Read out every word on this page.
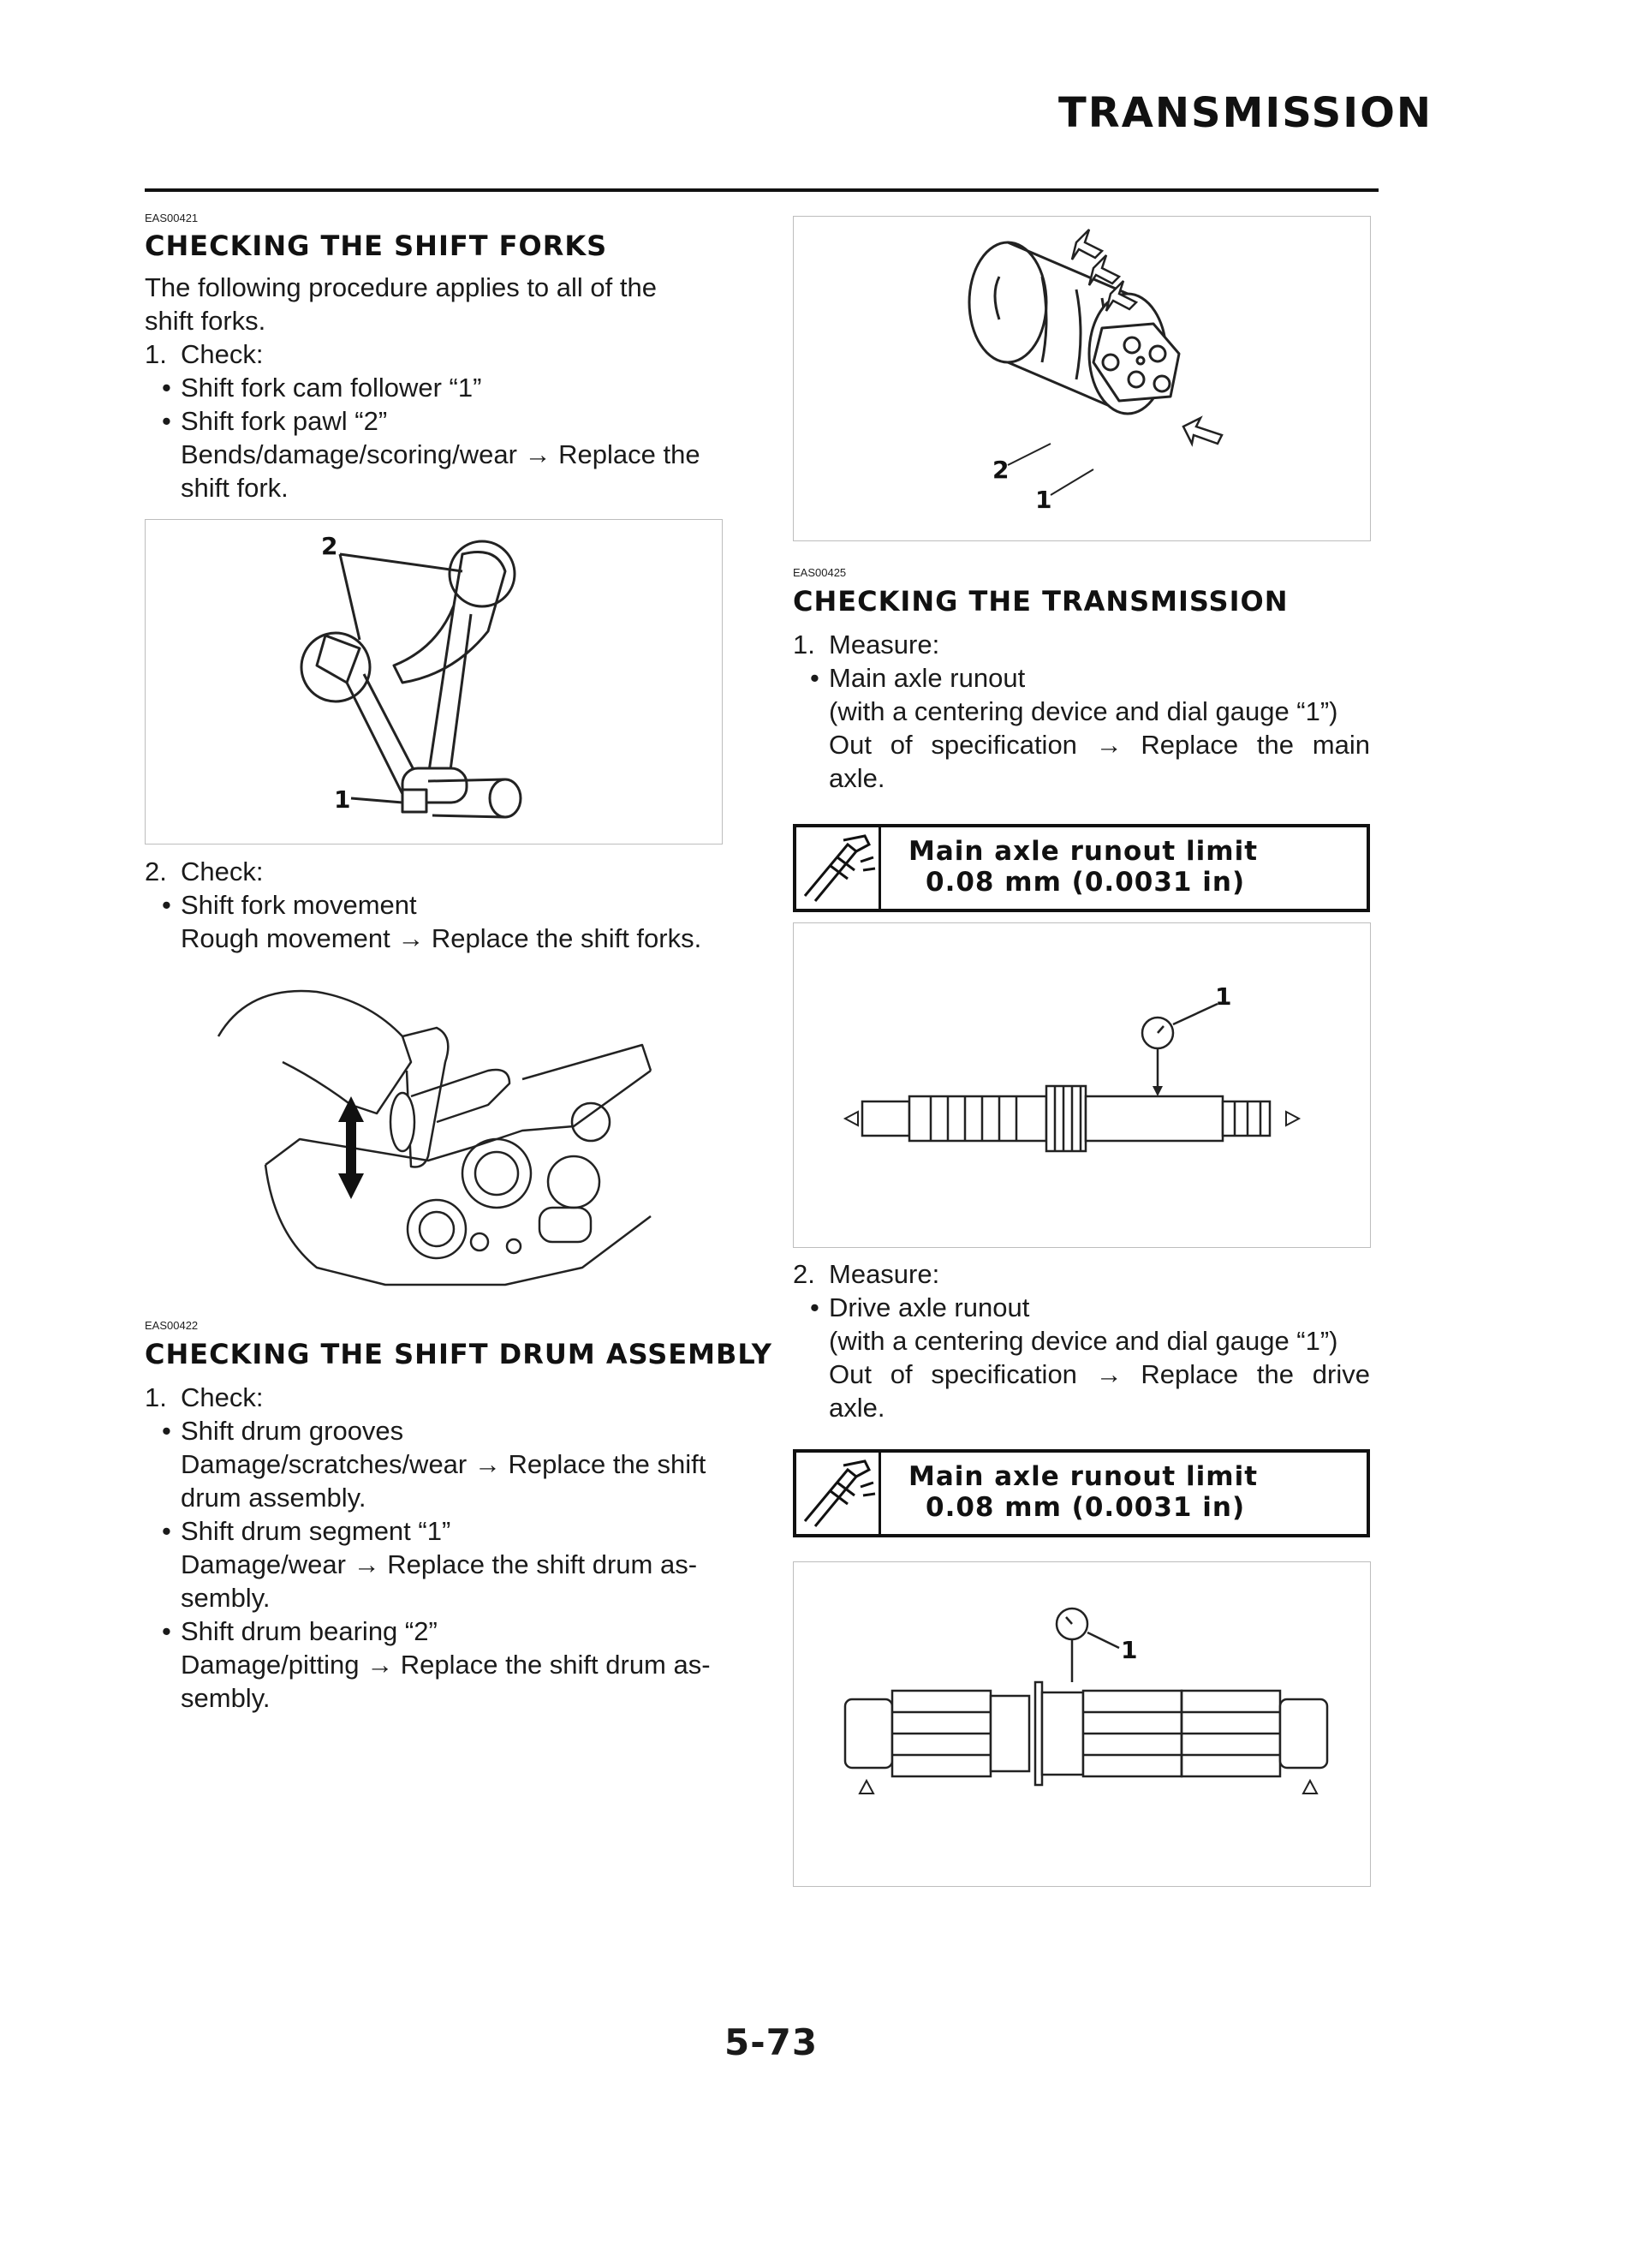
TRANSMISSION
EAS00421
CHECKING THE SHIFT FORKS
The following procedure applies to all of the
shift forks.
1. Check:
• Shift fork cam follower “1”
• Shift fork pawl “2”
Bends/damage/scoring/wear → Replace the
shift fork.
2
1
2. Check:
• Shift fork movement
Rough movement → Replace the shift forks.
EAS00422
CHECKING THE SHIFT DRUM ASSEMBLY
1. Check:
• Shift drum grooves
Damage/scratches/wear → Replace the shift
drum assembly.
• Shift drum segment “1”
Damage/wear → Replace the shift drum as-
sembly.
• Shift drum bearing “2”
Damage/pitting → Replace the shift drum as-
sembly.
2
1
EAS00425
CHECKING THE TRANSMISSION
1. Measure:
• Main axle runout
(with a centering device and dial gauge “1”)
Out of specification → Replace the main
axle.
Main axle runout limit
0.08 mm (0.0031 in)
1
2. Measure:
• Drive axle runout
(with a centering device and dial gauge “1”)
Out of specification → Replace the drive
axle.
Main axle runout limit
0.08 mm (0.0031 in)
1
5-73
